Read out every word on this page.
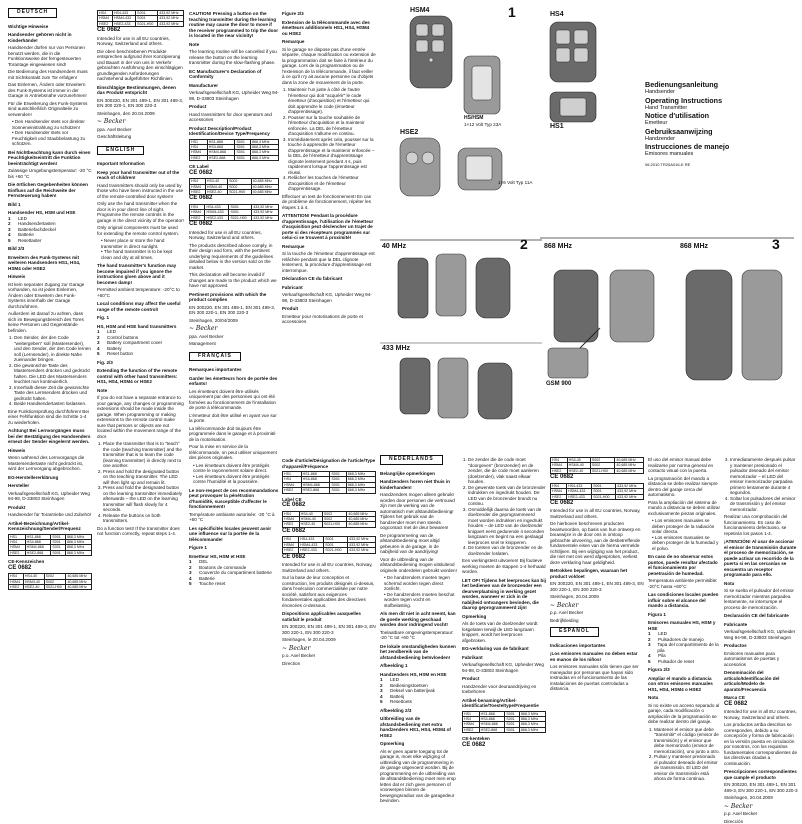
DEUTSCH
Wichtige Hinweise
Handsender gehören nicht in Kinderhände!

Handsender dürfen nur von Personen benutzt werden, die in die Funktionsweise der ferngesteuerten Torantage eingewiesen sind!

Die Bedienung des Handsenders muss mit Sichtkontakt zum Tor erfolgen!

Das Einlernen, Ändern oder Erweitern des Funk-Systems ist immer in der Garage in Antriebsnähe vorzunehmen!

Für die Erweiterung des Funk-Systems sind ausschließlich Originalteile zu verwenden!

• Den Handsender stets vor direkter Sonneneinstrahlung zu schützen!
• Den Handsender stets vor Feuchtigkeit und Staubbelastung zu schützen.
Bei Nichtbeachtung kann durch einen Feuchtigkeitseintritt die Funktion beeinträchtigt werden!

Zulässige Umgebungstemperatur: -20 °C bis +60 °C

Die örtlichen Gegebenheiten können Einfluss auf die Reichweite der Fernsteuerung haben!
Bild 1
Handsender HS, HSM und HSE
1	LED
2	Handsendertasten
3	Batteriefachdeckel
4	Batterie
5	Resettaster
Bild 2/3
Erweitern des Funk-Systems mit weiteren Handsendern HS1, HS4, HSM4 oder HSE2
Hinweis

Ist kein separater Zugang zur Garage vorhanden, so ist jedes Einlernen, Ändern oder Erweitern des Funk-Systems innerhalb der Garage durchzuführen.

Außerdem ist darauf zu achten, dass sich im Bewegungsbereich des Tores keine Personen und Gegenstände befinden.

1. Den Sender, der den Code "weitergeben" soll (Mastersender), und den Sender, der den Code lernen soll (Lernsender), in direkte Nähe zueinander bringen.
2. Die gewünschte Taste des Mastersenders drücken und gedrückt halten. Die LED des Mastersenders leuchtet nun kontinuierlich.
3. Innerhalb dieser Zeit die gewünschte Taste des Lernsenders drücken und gedrückt halten.
4. Beide Handsendertasten loslassen.

Eine Funktionsprüfung durchführen! Bei einer Fehlfunktion sind die Schritte 1-4 zu wiederholen.

Achtung! Bei Lernvorgängen muss bei der Bestätigung des Handsenders erneut der Sender eingelernt werden.
Hinweis

Wenn während des Lernvorgangs die Mastersendertaste nicht gedrückt ist, wird der Lernvorgang abgebrochen.

EG-Herstellererklärung
Hersteller

Verkaufsgesellschaft KG, Upheider Weg 94-98, D-33803 Steinhagen

Produkt

Handsender für Torantriebe und Zubehör

Artikel-Bezeichnung/Artikel-Kennzeichnung/Sender/Frequenz
HS1	HS1-868	S001	868,3 MHz
HS4	HS4-868	S001	868,3 MHz
HSM4	HSM4-868	S001	868,3 MHz
HSE2	HSE2-868	S001	868,3 MHz
CE-Kennzeichen
CE 0682
HS4	HS4-40	S002	40,685 MHz
HSM4	HSM4-40	S002	40,685 MHz
HSE2	HSE2-40	S021-H00	40,685 MHz
HS4	HS4-433	S001	433,92 MHz
HSM4	HSM4-433	S001	433,92 MHz
HSE2	HSE2-433	S021-H00	433,92 MHz
CE 0682

Intended for use in all EU countries, Norway, Switzerland and others.

Die oben beschriebenen Produkte entsprechen aufgrund ihrer Konzipierung und Bauart in der von uns in Verkehr gebrachten Ausführung den einschlägigen grundlegenden Anforderungen nachstehend aufgeführter Richtlinien.

Einschlägige Bestimmungen, denen das Produkt entspricht

EN 300220, EN 301 489-1, EN 301 489-3, EN 300 220-1, EN 300 220-3

Steinhagen, den 20.04.2009

~ Becker

ppa. Axel Becker

Geschäftsleitung

ENGLISH
Important Information
Keep your hand transmitter out of the reach of children!

Hand transmitters should only be used by those who have been instructed in the use of the remote-controlled door system!

Only use the hand transmitter when the door is in your direct line of sight. Programme the remote controls in the garage in the direct vicinity of the operator!

Only original components must be used for extending the remote control system.

• Never place or store the hand transmitter in direct sunlight.
• The hand transmitter is to be kept clean and dry at all times.
The hand transmitter's function may become impaired if you ignore the instructions given above and it becomes damp!

Permitted ambient temperature: -20°C to +60°C

Local conditions may affect the useful range of the remote control!
Fig. 1
HS, HSM and HSE hand transmitters
1	LED
2	Control buttons
3	Battery compartment cover
4	Battery
5	Reset button
Fig. 2/3
Extending the function of the remote control with other hand transmitters: HS1, HS4, HSM4 or HSE2
Note

If you do not have a separate entrance to your garage, any changes or programming extensions should be made inside the garage. When programming or making extensions to the remote control make sure that persons or objects are not located within the movement range of the door.

1. Place the transmitter that is to "teach" the code (teaching transmitter) and the transmitter that is to learn the code (learning transmitter) in directly next to one another.
2. Press and hold the designated button on the teaching transmitter. The LED will then light up and remain lit.
3. Press and hold the designated button on the learning transmitter immediately afterwards – the LED on the learning transmitter will flash slowly for 4 seconds.
4. Release the buttons on both transmitters.

Do a function test! If the transmitter does not function correctly, repeat steps 1-4.

CAUTION! Pressing a button on the teaching transmitter during the learning routine may cause the door to move if the receiver programmed to trip the door is located in the near vicinity!
Note

The learning routine will be cancelled if you release the button on the learning transmitter during the slow-flashing phase.

EC Manufacturer's Declaration of Conformity
Manufacturer

Verkaufsgesellschaft KG, Upheider Weg 94-98, D-33803 Steinhagen

Product

Hand transmitters for door operators and accessories

Product Description/Product Identification/Device Type/Frequency
HS1	HS1-868	S001	868,3 MHz
HS4	HS4-868	S001	868,3 MHz
HSM4	HSM4-868	S001	868,3 MHz
HSE2	HSE2-868	S001	868,3 MHz
CE Label
CE 0682
HS4	HS4-40	S002	40,685 MHz
HSM4	HSM4-40	S002	40,685 MHz
HSE2	HSE2-40	S021-H00	40,685 MHz
CE 0682
HS4	HS4-433	S001	433,92 MHz
HSM4	HSM4-433	S001	433,92 MHz
HSE2	HSE2-433	S021-H00	433,92 MHz
CE 0682

Intended for use in all EU countries, Norway, Switzerland and others.

The products described above comply, in their design and form, with the pertinent underlying requirements of the guidelines detailed below in the version sold on the market.

This declaration will become invalid if changes are made to the product which we have not approved.

Pertinent provisions with which the product complies

EN 300220, EN 301 489-1, EN 301 489-3, EN 300 220-1, EN 300 220-3

Steinhagen, 20/04/2009

~ Becker

ppa. Axel Becker

Management

FRANÇAIS
Remarques importantes
Garder les émetteurs hors de portée des enfants!

Les émetteurs doivent être utilisés uniquement par des personnes qui ont été formées au fonctionnement de l'installation de porte à télécommande.

L'émetteur doit être utilisé en ayant vue sur la porte.

La télécommande doit toujours être programmée dans le garage et à proximité de la motorisation.

Pour la mise en service de la télécommande, on peut utiliser uniquement des pièces originales.

• Les émetteurs doivent être protégés contre le rayonnement solaire direct.
• Les émetteurs doivent être protégés contre l'humidité et la poussière.
Le non-respect de ces recommandations peut provoquer la pénétration d'humidité, susceptible d'affecter le fonctionnement!

Température ambiante autorisée: -20 °C à +60 °C

Les spécificités locales peuvent avoir une influence sur la portée de la télécommande!
Figure 1
Emetteur HS, HSM et HSE
1	DEL
2	Boutons de commande
3	Couvercle du compartiment batterie
4	Batterie
5	Touche reset
Figure 2/3
Extension de la télécommande avec des émetteurs additionnels HS1, HS4, HSM4 ou HSE2
Remarque

Si le garage ne dispose pas d'une entrée séparée, chaque modification ou extension de la programmation doit se faire à l'intérieur du garage. Lors de la programmation ou de l'extension de la télécommande, il faut veiller à ce qu'il n'y ait aucune personne ou d'objets dans la zone de mouvement de la porte.

1. Maintenir l'un juste à côté de l'autre l'émetteur qui doit "acquérir" le code émetteur (d'acquisition) et l'émetteur qui doit apprendre le code (émetteur d'apprentissage).
2. Pousser sur la touche souhaitée de l'émetteur d'acquisition et la maintenir enfoncée. La DEL de l'émetteur d'acquisition s'allume en continu.
3. Immédiatement après cela, pousser sur la touche à apprendre de l'émetteur d'apprentissage et la maintenir enfoncée – la DEL de l'émetteur d'apprentissage clignote lentement pendant 4 s, puis rapidement lorsque l'apprentissage est réussi.
4. Relâcher les touches de l'émetteur d'acquisition et de l'émetteur d'apprentissage.

Effectuer un test de fonctionnement! En cas de problème de fonctionnement, répéter les étapes 1 à 4.

ATTENTION! Pendant la procédure d'apprentissage, l'utilisation de l'émetteur d'acquisition peut déclencher un trajet de porte si des récepteurs programmés sur celui-ci se trouvent à proximité!
Remarque

Si la touche de l'émetteur d'apprentissage est relâchée pendant que la DEL clignote lentement, la procédure d'apprentissage est interrompue.

Déclaration CE du fabricant
Fabricant

Verkaufsgesellschaft KG, Upheider Weg 94-98, D-33803 Steinhagen

Produit

Emetteur pour motorisations de porte et accessoires

Code d'article/Désignation de l'article/Type d'appareil/Fréquence
HS1	HS1-868	S001	868,3 MHz
HS4	HS4-868	S001	868,3 MHz
HSM4	HSM4-868	S001	868,3 MHz
HSE2	HSE2-868	S001	868,3 MHz
Label CE
CE 0682
HS4	HS4-40	S002	40,685 MHz
HSM4	HSM4-40	S002	40,685 MHz
HSE2	HSE2-40	S021-H00	40,685 MHz
CE 0682
HS4	HS4-433	S001	433,92 MHz
HSM4	HSM4-433	S001	433,92 MHz
HSE2	HSE2-433	S021-H00	433,92 MHz
CE 0682

Intended for use in all EU countries, Norway, Switzerland and others.

Sur la base de leur conception et construction, les produits désignés ci-dessus, dans l'exécution commercialisée par notre société, satisfont aux exigences fondamentales applicables des directives énoncées ci-dessous.

Dispositions applicables auxquelles satisfait le produit

EN 300220, EN 301 489-1, EN 301 489-3, EN 300 220-1, EN 300 220-3

Steinhagen, le 20.04.2009

~ Becker

p.o. Axel Becker

Direction

HSM4	1
HS/HSM
1×12 Volt Typ 23A
HSE2
1×6 Volt Typ 11A
40 MHz	2
433 MHz
HS4
HS1
3
868 MHz	868 MHz
GSM 900
Bedienungsanleitung
Handsender
Operating Instructions
Hand Transmitter
Notice d'utilisation
Emetteur
Gebruiksaanwijzing
Handzender
Instrucciones de manejo
Emisores manuales
06.2010 TR20A016-E RE
NEDERLANDS
Belangrijke opmerkingen
Handzenders horen niet thuis in kinderhanden!

Handzenders mogen alleen gebruikt worden door personen die vertrouwd zijn met de werking van de automatisch met afstandsbediening! Tijdens het gebruik van de handzender moet men steeds oogcontact met de deur bewaren!

De programmering van de afstandsbediening moet altijd gebeuren in de garage, in de nabijheid van de aandrijving!

Voor de uitbreiding van de afstandsbediening mogen uitsluitend originele onderdelen gebruikt worden!

• De handzenders moeten tegen schermd worden tegen direct zonlicht.
• De handzenders moeten beschut worden tegen vocht en stofbelasting.
Als men dit niet in acht neemt, kan de goede werking geschaad worden door indringend vocht!

Toelaatbare omgevingstemperatuur: -20 °C tot +60 °C

De lokale omstandigheden kunnen het zendbereik van de afstandsbediening beïnvloeden!
Afbeelding 1
Handzenders HS, HSM en HSE
1	LED
2	Bedieningstoetsen
3	Deksel van batterijvak
4	Batterij
5	Resettoets
Afbeelding 2/3
Uitbreiding van de afstandsbediening met extra handzenders HS1, HS4, HSM4 of HSE2
Opmerking

Als er geen aparte toegang tot de garage is, moet elke wijziging of uitbreiding van de programmering in de garage uitgevoerd worden. Bij de programmering en de uitbreiding van de afstandsbediening moet men erop letten dat er zich geen personen of voorwerpen binnen de bewegingsradius van de garagedeur bevinden.

1. De zender die de code moet "doorgeven" (bronzender) en de zender, die de code moet aanleren (doelzender), vlak naast elkaar houden.
2. De gewenste toets van de bronzender indrukken en ingedrukt houden. De LED van de bronzender brandt nu continu.
3. Onmiddellijk daarna de toets van de doelzender die geprogrammeerd moet worden indrukken en ingedrukt houden – de LED van de doelzender knippert eerst gedurende 4 seconden langzaam en begint na een geslaagd leerproces snel te knipperen.
4. De toetsen van de bronzender en de doelzender loslaten.

Een werkingstest uitvoeren! Bij foutieve werking moeten de stappen 1-4 herhaald worden.

LET OP! Tijdens het leerproces kan bij het bedienen van de bronzender een deurverplaatsing in werking gezet worden, wanneer er zich in de nabijheid ontvangers bevinden, die daarop geprogrammeerd zijn!
Opmerking

Als de toets van de doelzender wordt losgelaten terwijl de LED langzaam knippert, wordt het leerproces afgebroken.

EG-verklaring van de fabrikant
Fabrikant

Verkaufsgesellschaft KG, Upheider Weg 94-98, D-33803 Steinhagen

Product

Handzender voor deuraandrijving en toebehoren

Artikel-benaming/Artikel-identificatie/Toesteltype/Frequentie
HS1	HS1-868	S001	868,3 MHz
HS4	HS4-868	S001	868,3 MHz
HSM4	HSM4-868	S001	868,3 MHz
HSE2	HSE2-868	S001	868,3 MHz
CE-kenteken
CE 0682
HS4	HS4-40	S002	40,685 MHz
HSM4	HSM4-40	S002	40,685 MHz
HSE2	HSE2-40	S021-H00	40,685 MHz
CE 0682
HS4	HS4-433	S001	433,92 MHz
HSM4	HSM4-433	S001	433,92 MHz
HSE2	HSE2-433	S021-H00	433,92 MHz
CE 0682

Intended for use in all EU countries, Norway, Switzerland and others.

De hierboven beschreven producten beantwoorden, op basis van hun ontwerp en bouwwijze in de door ons in omloop gebrachte uitvoering, aan de desbetreffende fundamentele eisen van de hierna vermelde richtlijnen. Bij een wijziging van het product, die niet met ons werd afgesproken, verliest deze verklaring haar geldigheid.

Betrokken bepalingen, waaraan het product voldoet

EN 300220, EN 301 489-1, EN 301 489-3, EN 300 220-1, EN 300 220-3

Steinhagen, 20.04.2009

~ Becker

p.p. Axel Becker

Bedrijfsleiding

ESPAÑOL
Indicaciones importantes
¡Los emisores manuales no deben estar en manos de los niños!

Los emisores manuales sólo tienen que ser manejados por personas que hayan sido instruidas en el funcionamiento de las instalaciones de puertas controladas a distancia.

El uso del emisor manual debe realizarse por norma general en contacto visual con la puerta.

La programación del mando a distancia se debe realizar siempre dentro del garaje cerca del automatismo.

Para la ampliación del sistema de mando a distancia se deben utilizar exclusivamente piezas originales.

• Los emisores manuales se deben proteger de la radiación solar directa.
• Los emisores manuales se deben proteger de la humedad y el polvo.
En caso de no observar estos puntos, puede resultar afectado el funcionamiento por penetración de humedad.

Temperatura ambiente permisible: -20°C hasta +60°C

Las condiciones locales pueden influir sobre el alcance del mando a distancia.
Figura 1
Emisores manuales HS, HSM y HSE
1	LED
2	Pulsadores de manejo
3	Tapa del compartimiento de la pila
4	Pila
5	Pulsador de reset
Figura 2/3
Ampliar el mando a distancia con otros emisores manuales HS1, HS4, HSM4 o HSE2
Nota

Si no existe un acceso separado al garaje, cada modificación o ampliación de la programación se debe realizar dentro del garaje.

1. Mantener el emisor que debe "transmitir" el código (emisor de transmisión) y el emisor que debe memorizarlo (emisor de memorización), uno junto a otro.
2. Pulsar y mantener presionado el pulsador deseado del emisor de transmisión. El LED del emisor de transmisión está ahora de forma continua.
3. Inmediatamente después pulsar y mantener presionado el pulsador deseado del emisor memorizador – el LED del emisor memorizador parpadea primero lentamente durante 4 segundos.
4. Soltar los pulsadores del emisor de transmisión y del emisor memorizador.

Realizar una comprobación del funcionamiento. En caso de funcionamiento defectuoso, se repetirán los pasos 1-4.

¡ATENCIÓN! Al usar de accionar el emisor de transmisión durante el proceso de memorización, se puede activar un recorrido de la puerta si en las cercanías se encuentra un receptor programado para ello.
Nota

Si se suelta el pulsador del emisor memorizador mientras parpadea lentamente, se interrumpe el proceso de memorización.

Declaración CE del fabricante
Fabricante

Verkaufsgesellschaft KG, Upheider Weg 94-98, D-33803 Steinhagen

Productos

Emisores manuales para automatismos de puertas y accesorios

Denominación del artículo/Identificación del artículo/Modelo de aparato/Frecuencia
Marca CE
CE 0682

Intended for use in all EU countries, Norway, Switzerland and others.

Los productos arriba descritos se corresponden, debido a su concepción y forma de fabricación en la versión puesta en circulación por nosotros, con los requisitos fundamentales correspondientes de las directivas citadas a continuación.

Prescripciones correspondientes que cumple el producto

EN 300220, EN 301 489-1, EN 301 489-3, EN 300 220-1, EN 300 220-3

Steinhagen, 20.04.2009

~ Becker

p.p. Axel Becker

Dirección
